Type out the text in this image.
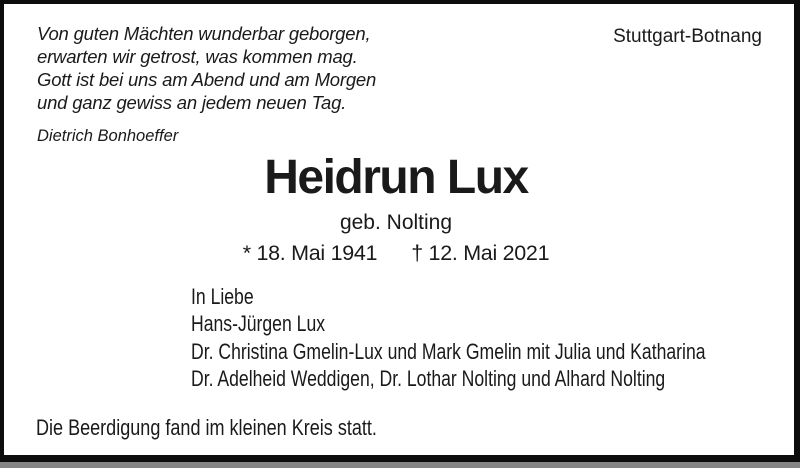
Von guten Mächten wunderbar geborgen,
erwarten wir getrost, was kommen mag.
Gott ist bei uns am Abend und am Morgen
und ganz gewiss an jedem neuen Tag.
Dietrich Bonhoeffer
Stuttgart-Botnang
Heidrun Lux
geb. Nolting
* 18. Mai 1941 † 12. Mai 2021
In Liebe
Hans-Jürgen Lux
Dr. Christina Gmelin-Lux und Mark Gmelin mit Julia und Katharina
Dr. Adelheid Weddigen, Dr. Lothar Nolting und Alhard Nolting
Die Beerdigung fand im kleinen Kreis statt.
